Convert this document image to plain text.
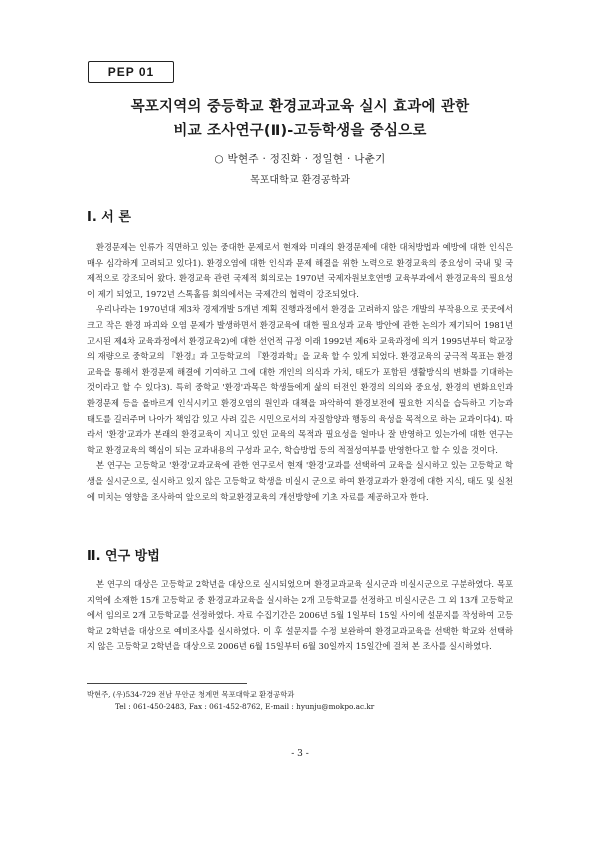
PEP 01
목포지역의 중등학교 환경교과교육 실시 효과에 관한
비교 조사연구(Ⅱ)-고등학생을 중심으로
○ 박현주 · 정진화 · 정일현 · 나춘기
목포대학교 환경공학과
Ⅰ. 서 론

환경문제는 인류가 직면하고 있는 중대한 문제로서 현재와 미래의 환경문제에 대한 대처방법과 예방에 대한 인식은 매우 심각하게 고려되고 있다1). 환경오염에 대한 인식과 문제 해결을 위한 노력으로 환경교육의 중요성이 국내 및 국제적으로 강조되어 왔다. 환경교육 관련 국제적 회의로는 1970년 국제자원보호연맹 교육부과에서 환경교육의 필요성이 제기 되었고, 1972년 스톡홀름 회의에서는 국제간의 협력이 강조되었다.

우리나라는 1970년대 제3차 경제개발 5개년 계획 진행과정에서 환경을 고려하지 않은 개발의 부작용으로 곳곳에서 크고 작은 환경 파괴와 오염 문제가 발생하면서 환경교육에 대한 필요성과 교육 방안에 관한 논의가 제기되어 1981년 고시된 제4차 교육과정에서 환경교육2)에 대한 선언적 규정 이래 1992년 제6차 교육과정에 의거 1995년부터 학교장의 재량으로 중학교의 『환경』과 고등학교의 『환경과학』을 교육 할 수 있게 되었다. 환경교육의 궁극적 목표는 환경교육을 통해서 환경문제 해결에 기여하고 그에 대한 개인의 의식과 가치, 태도가 포함된 생활방식의 변화를 기대하는 것이라고 할 수 있다3). 특히 중학교 '환경'과목은 학생들에게 삶의 터전인 환경의 의의와 중요성, 환경의 변화요인과 환경문제 등을 올바르게 인식시키고 환경오염의 원인과 대책을 파악하여 환경보전에 필요한 지식을 습득하고 기능과 태도를 길러주며 나아가 책임감 있고 사려 깊은 시민으로서의 자질함양과 행동의 육성을 목적으로 하는 교과이다4). 따라서 '환경'교과가 본래의 환경교육이 지니고 있던 교육의 목적과 필요성을 얼마나 잘 반영하고 있는가에 대한 연구는 학교 환경교육의 핵심이 되는 교과내용의 구성과 교수, 학습방법 등의 적절성여부를 반영한다고 할 수 있을 것이다.

본 연구는 고등학교 '환경'교과교육에 관한 연구로서 현재 '환경'교과를 선택하여 교육을 실시하고 있는 고등학교 학생을 실시군으로, 실시하고 있지 않은 고등학교 학생을 비실시 군으로 하여 환경교과가 환경에 대한 지식, 태도 및 실천에 미치는 영향을 조사하여 앞으로의 학교환경교육의 개선방향에 기초 자료를 제공하고자 한다.

Ⅱ. 연구 방법

본 연구의 대상은 고등학교 2학년을 대상으로 실시되었으며 환경교과교육 실시군과 비실시군으로 구분하였다. 목포지역에 소재한 15개 고등학교 중 환경교과교육을 실시하는 2개 고등학교를 선정하고 비실시군은 그 외 13개 고등학교에서 임의로 2개 고등학교를 선정하였다. 자료 수집기간은 2006년 5월 1일부터 15일 사이에 설문지를 작성하여 고등학교 2학년을 대상으로 예비조사를 실시하였다. 이 후 설문지를 수정 보완하여 환경교과교육을 선택한 학교와 선택하지 않은 고등학교 2학년을 대상으로 2006년 6월 15일부터 6월 30일까지 15일간에 걸쳐 본 조사를 실시하였다.

박현주, (우)534-729 전남 무안군 청계면 목포대학교 환경공학과
Tel : 061-450-2483, Fax : 061-452-8762, E-mail : hyunju@mokpo.ac.kr
- 3 -
